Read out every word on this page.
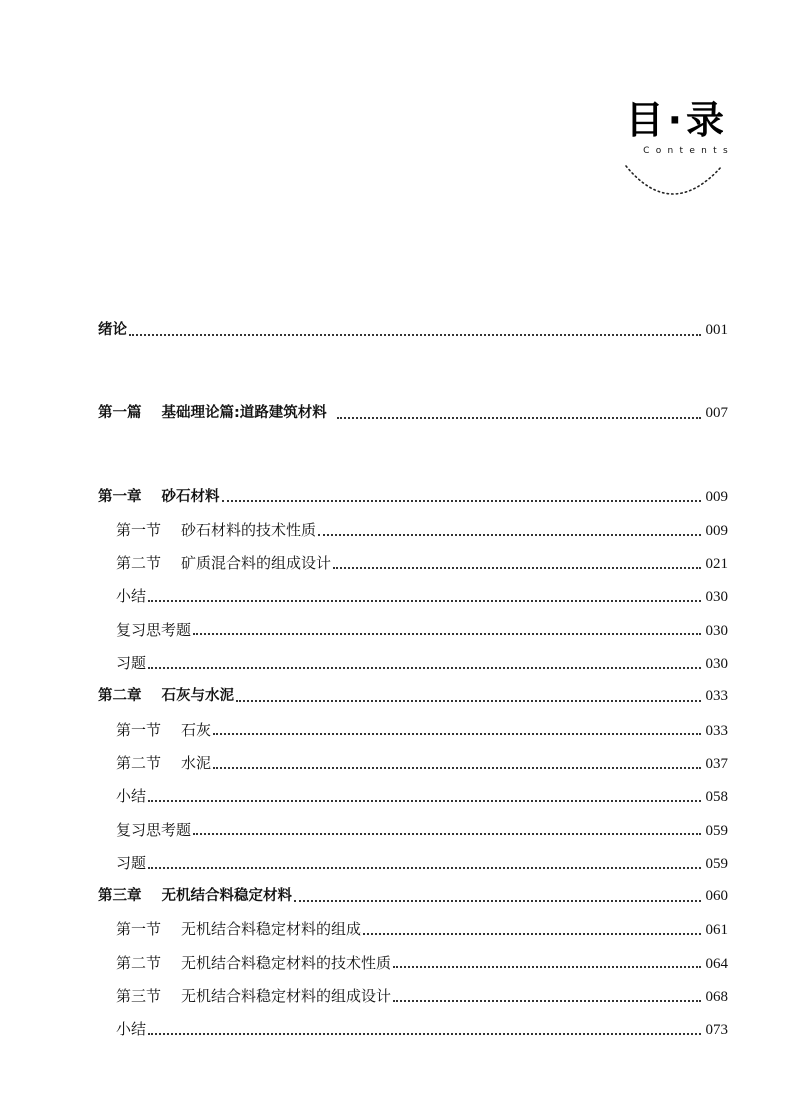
目·录
Contents
绪论	001
第一篇 基础理论篇:道路建筑材料	007
第一章 砂石材料	009
第一节 砂石材料的技术性质	009
第二节 矿质混合料的组成设计	021
小结	030
复习思考题	030
习题	030
第二章 石灰与水泥	033
第一节 石灰	033
第二节 水泥	037
小结	058
复习思考题	059
习题	059
第三章 无机结合料稳定材料	060
第一节 无机结合料稳定材料的组成	061
第二节 无机结合料稳定材料的技术性质	064
第三节 无机结合料稳定材料的组成设计	068
小结	073
